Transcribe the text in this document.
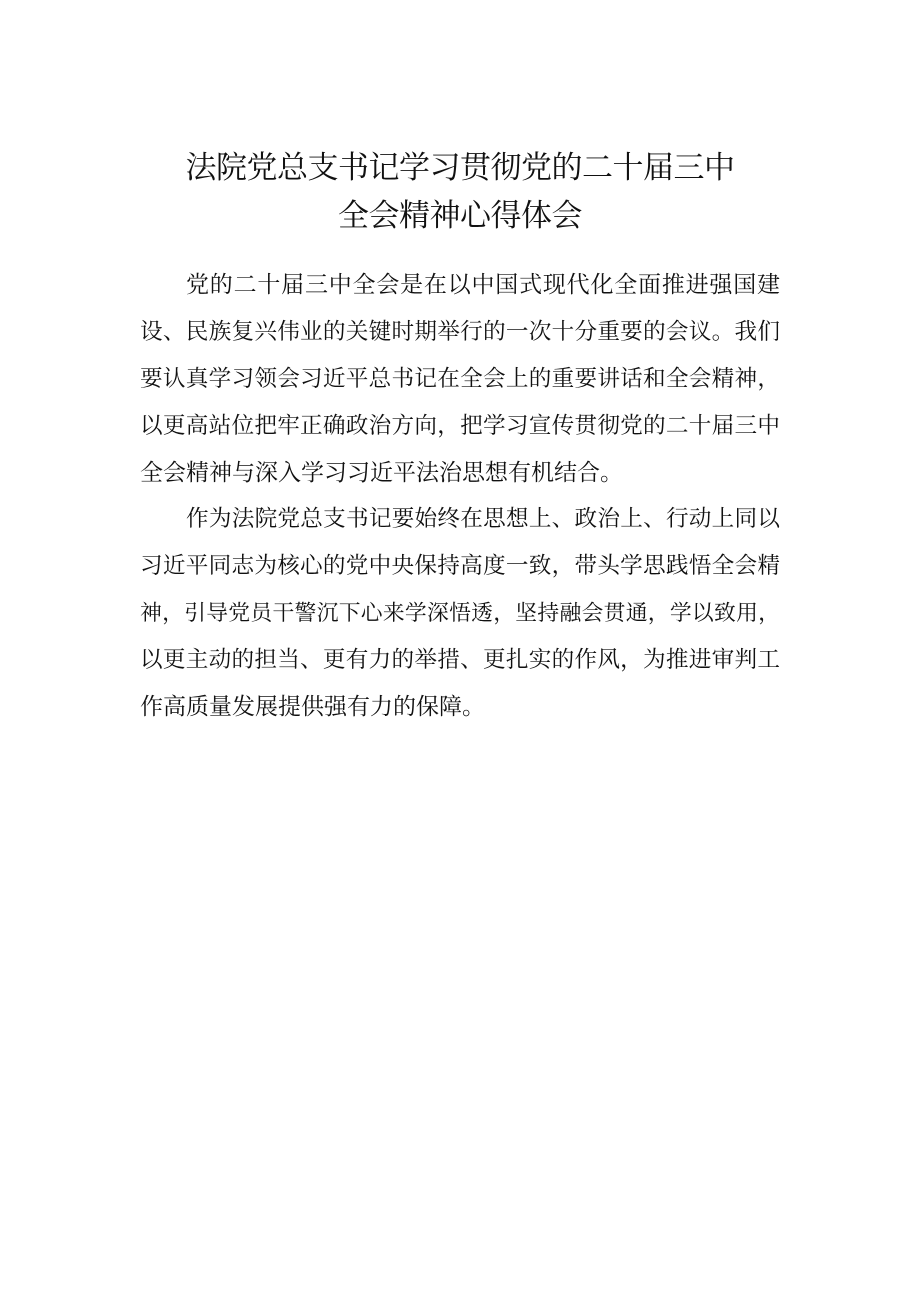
法院党总支书记学习贯彻党的二十届三中
全会精神心得体会
党的二十届三中全会是在以中国式现代化全面推进强国建
设、民族复兴伟业的关键时期举行的一次十分重要的会议。我们
要认真学习领会习近平总书记在全会上的重要讲话和全会精神，
以更高站位把牢正确政治方向，把学习宣传贯彻党的二十届三中
全会精神与深入学习习近平法治思想有机结合。
作为法院党总支书记要始终在思想上、政治上、行动上同以
习近平同志为核心的党中央保持高度一致，带头学思践悟全会精
神，引导党员干警沉下心来学深悟透，坚持融会贯通，学以致用，
以更主动的担当、更有力的举措、更扎实的作风，为推进审判工
作高质量发展提供强有力的保障。
